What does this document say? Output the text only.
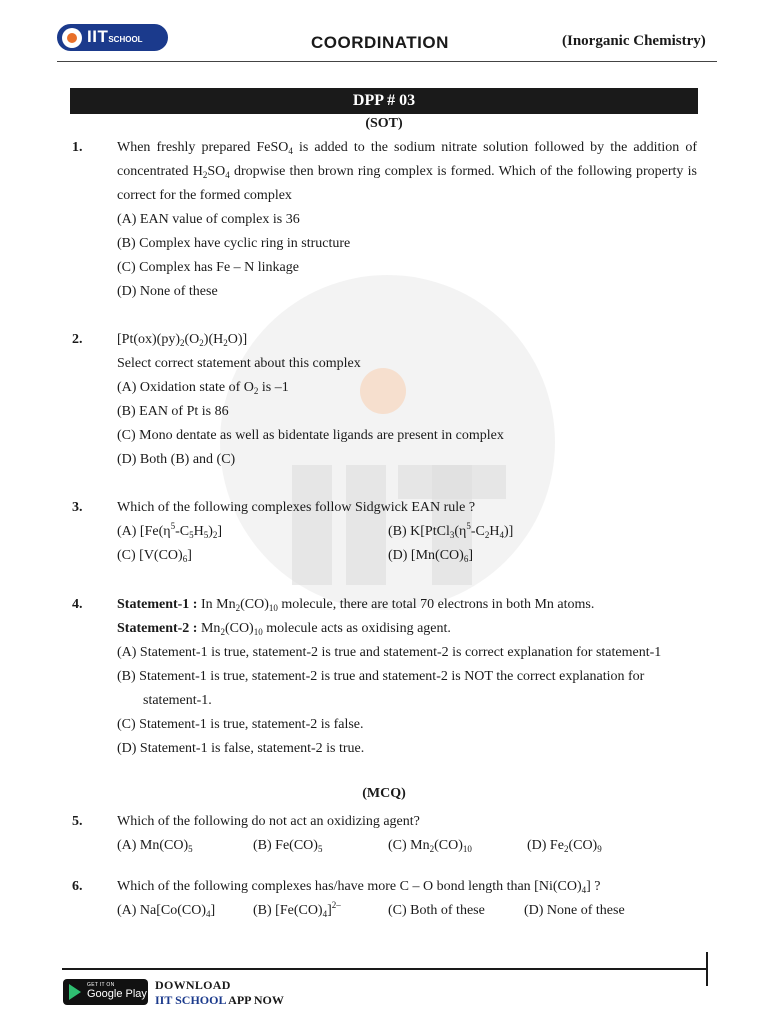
IITSCHOOL	COORDINATION	(Inorganic Chemistry)
DPP # 03
(SOT)
1. When freshly prepared FeSO$_4$ is added to the sodium nitrate solution followed by the addition of concentrated $H_2SO_4$ dropwise then brown ring complex is formed. Which of the following property is correct for the formed complex
(A) EAN value of complex is 36
(B) Complex have cyclic ring in structure
(C) Complex has Fe – N linkage
(D) None of these
2. $[Pt(ox)(py)_2(O_2)(H_2O)]$
Select correct statement about this complex
(A) Oxidation state of $O_2$ is –1
(B) EAN of Pt is 86
(C) Mono dentate as well as bidentate ligands are present in complex
(D) Both (B) and (C)
3. Which of the following complexes follow Sidgwick EAN rule ?
(A) $[Fe(\eta^5-C_5H_5)_2]$	(B) $K[PtCl_3(\eta^5-C_2H_4)]$
(C) $[V(CO)_6]$	(D) $[Mn(CO)_6]$
4. Statement-1 : In $Mn_2(CO)_{10}$ molecule, there are total 70 electrons in both Mn atoms.
Statement-2 : $Mn_2(CO)_{10}$ molecule acts as oxidising agent.
(A) Statement-1 is true, statement-2 is true and statement-2 is correct explanation for statement-1
(B) Statement-1 is true, statement-2 is true and statement-2 is NOT the correct explanation for
statement-1.
(C) Statement-1 is true, statement-2 is false.
(D) Statement-1 is false, statement-2 is true.
(MCQ)
5. Which of the following do not act an oxidizing agent?
(A) $Mn(CO)_5$	(B) $Fe(CO)_5$	(C) $Mn_2(CO)_{10}$	(D) $Fe_2(CO)_9$
6. Which of the following complexes has/have more C – O bond length than $[Ni(CO)_4]$ ?
(A) $Na[Co(CO)_4]$	(B) $[Fe(CO)_4]^{2-}$	(C) Both of these	(D) None of these
GET IT ON
Google Play
DOWNLOAD
IIT SCHOOL APP NOW
